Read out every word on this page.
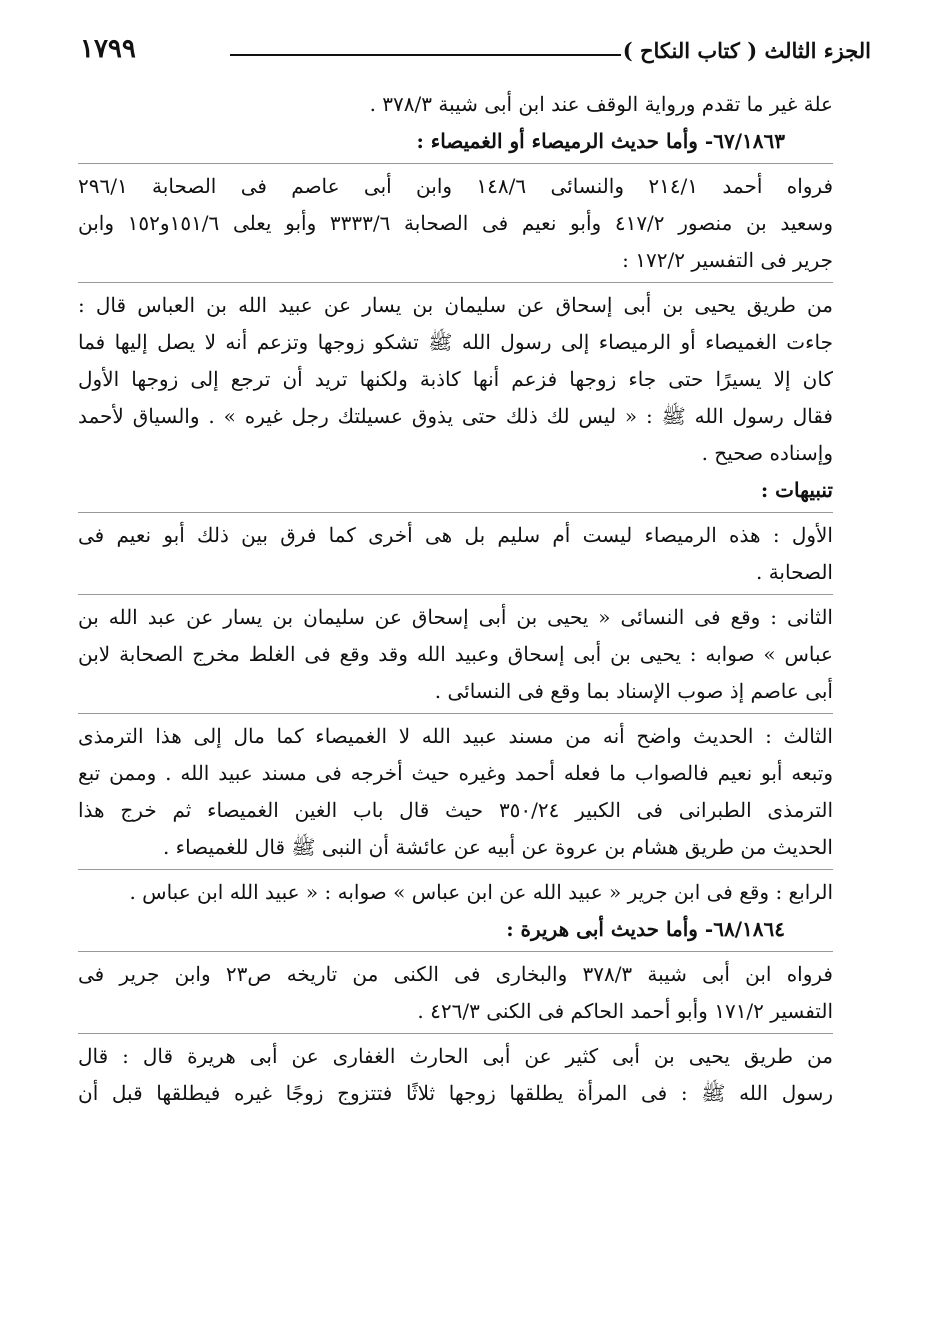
الجزء الثالث ( كتاب النكاح )
١٧٩٩
علة غير ما تقدم ورواية الوقف عند ابن أبى شيبة ٣٧٨/٣ .
٦٧/١٨٦٣- وأما حديث الرميصاء أو الغميصاء :
فرواه أحمد ٢١٤/١ والنسائى ١٤٨/٦ وابن أبى عاصم فى الصحابة ٢٩٦/١
وسعيد بن منصور ٤١٧/٢ وأبو نعيم فى الصحابة ٣٣٣٣/٦ وأبو يعلى ١٥١/٦و١٥٢ وابن
جرير فى التفسير ١٧٢/٢ :
من طريق يحيى بن أبى إسحاق عن سليمان بن يسار عن عبيد الله بن العباس قال :
جاءت الغميصاء أو الرميصاء إلى رسول الله ﷺ تشكو زوجها وتزعم أنه لا يصل إليها فما
كان إلا يسيرًا حتى جاء زوجها فزعم أنها كاذبة ولكنها تريد أن ترجع إلى زوجها الأول
فقال رسول الله ﷺ : « ليس لك ذلك حتى يذوق عسيلتك رجل غيره » . والسياق لأحمد
وإسناده صحيح .
تنبيهات :
الأول : هذه الرميصاء ليست أم سليم بل هى أخرى كما فرق بين ذلك أبو نعيم فى
الصحابة .
الثانى : وقع فى النسائى « يحيى بن أبى إسحاق عن سليمان بن يسار عن عبد الله بن
عباس » صوابه : يحيى بن أبى إسحاق وعبيد الله وقد وقع فى الغلط مخرج الصحابة لابن
أبى عاصم إذ صوب الإسناد بما وقع فى النسائى .
الثالث : الحديث واضح أنه من مسند عبيد الله لا الغميصاء كما مال إلى هذا الترمذى
وتبعه أبو نعيم فالصواب ما فعله أحمد وغيره حيث أخرجه فى مسند عبيد الله . وممن تبع
الترمذى الطبرانى فى الكبير ٣٥٠/٢٤ حيث قال باب الغين الغميصاء ثم خرج هذا
الحديث من طريق هشام بن عروة عن أبيه عن عائشة أن النبى ﷺ قال للغميصاء .
الرابع : وقع فى ابن جرير « عبيد الله عن ابن عباس » صوابه : « عبيد الله ابن عباس .
٦٨/١٨٦٤- وأما حديث أبى هريرة :
فرواه ابن أبى شيبة ٣٧٨/٣ والبخارى فى الكنى من تاريخه ص٢٣ وابن جرير فى
التفسير ١٧١/٢ وأبو أحمد الحاكم فى الكنى ٤٢٦/٣ .
من طريق يحيى بن أبى كثير عن أبى الحارث الغفارى عن أبى هريرة قال : قال
رسول الله ﷺ : فى المرأة يطلقها زوجها ثلاثًا فتتزوج زوجًا غيره فيطلقها قبل أن
